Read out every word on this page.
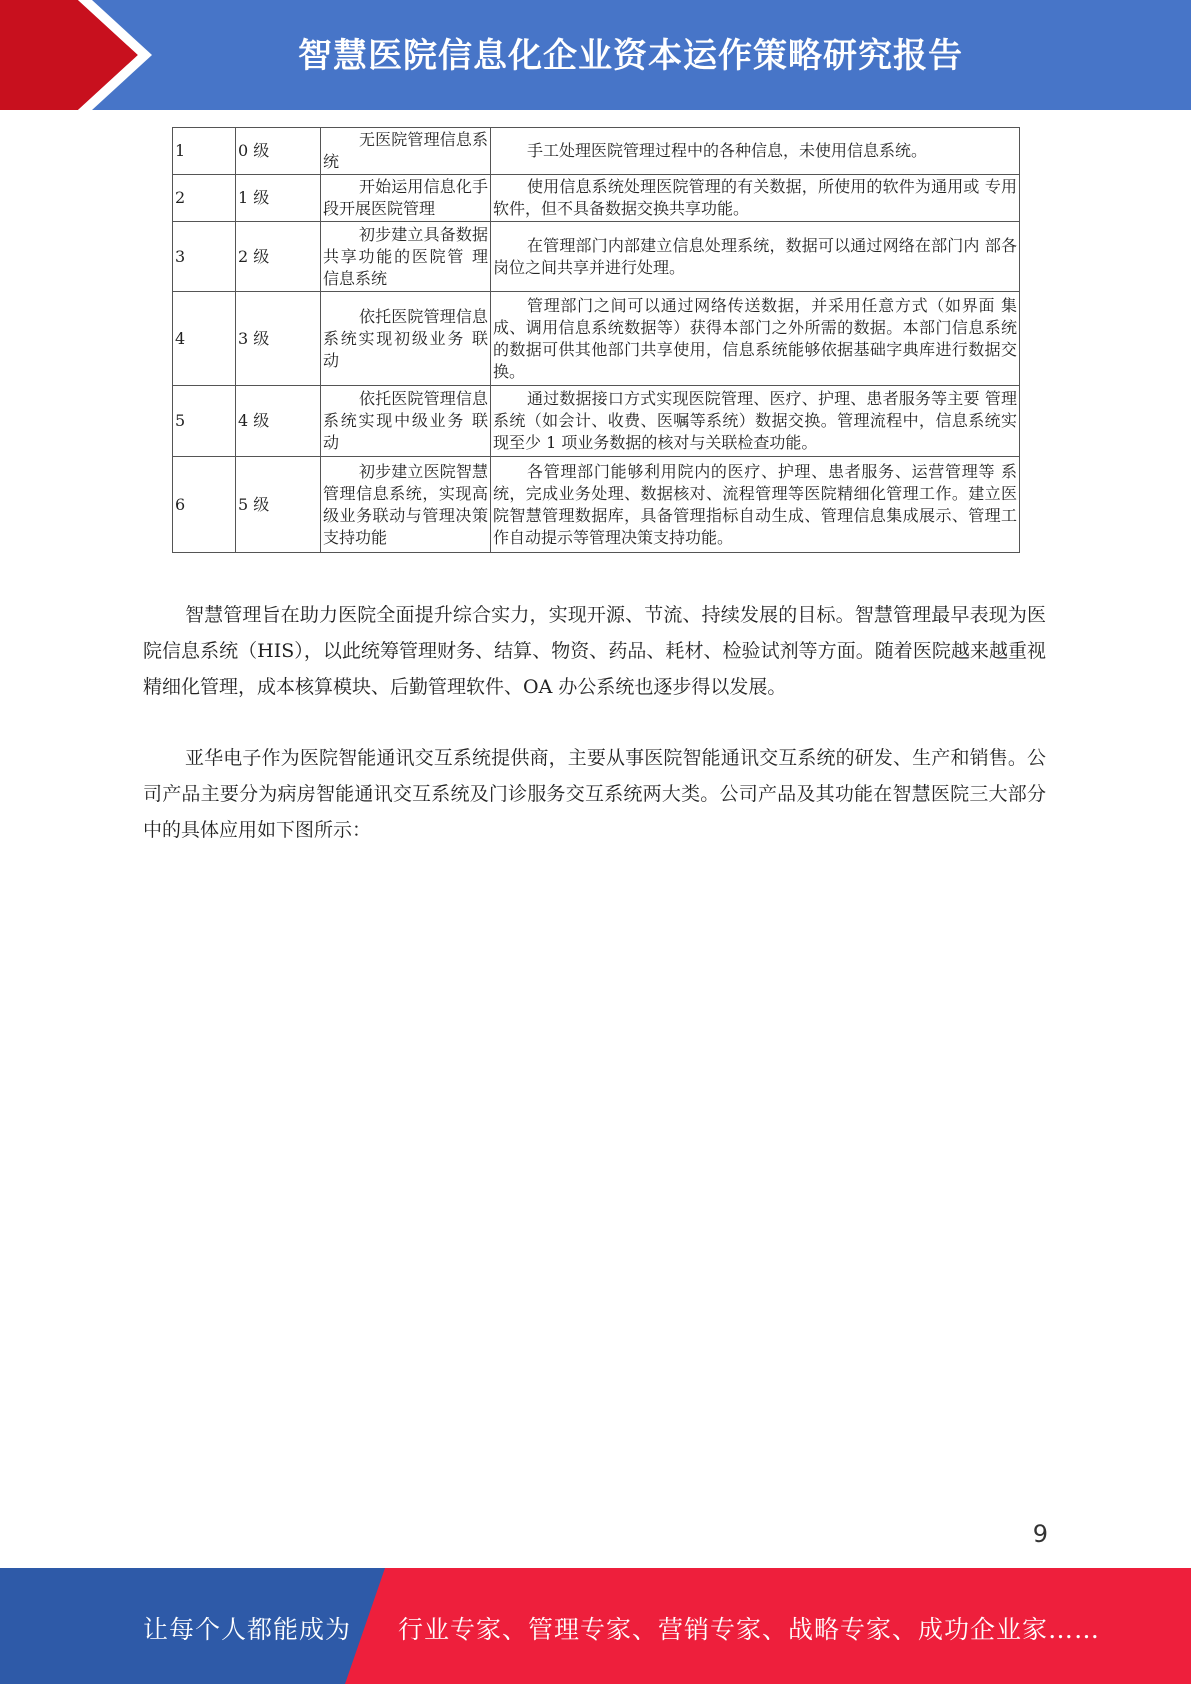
智慧医院信息化企业资本运作策略研究报告
1	0 级	无医院管理信息系 统	手工处理医院管理过程中的各种信息，未使用信息系统。
2	1 级	开始运用信息化手 段开展医院管理	使用信息系统处理医院管理的有关数据，所使用的软件为通用或 专用软件，但不具备数据交换共享功能。
3	2 级	初步建立具备数据 共享功能的医院管 理信息系统	在管理部门内部建立信息处理系统，数据可以通过网络在部门内 部各岗位之间共享并进行处理。
4	3 级	依托医院管理信息 系统实现初级业务 联动	管理部门之间可以通过网络传送数据，并采用任意方式（如界面 集成、调用信息系统数据等）获得本部门之外所需的数据。本部门信息系统的数据可供其他部门共享使用，信息系统能够依据基础字典库进行数据交换。
5	4 级	依托医院管理信息 系统实现中级业务 联动	通过数据接口方式实现医院管理、医疗、护理、患者服务等主要 管理系统（如会计、收费、医嘱等系统）数据交换。管理流程中，信息系统实现至少 1 项业务数据的核对与关联检查功能。
6	5 级	初步建立医院智慧 管理信息系统，实现高级业务联动与管理决策支持功能	各管理部门能够利用院内的医疗、护理、患者服务、运营管理等 系统，完成业务处理、数据核对、流程管理等医院精细化管理工作。建立医院智慧管理数据库，具备管理指标自动生成、管理信息集成展示、管理工作自动提示等管理决策支持功能。

智慧管理旨在助力医院全面提升综合实力，实现开源、节流、持续发展的目标。智慧管理最早表现为医院信息系统（HIS），以此统筹管理财务、结算、物资、药品、耗材、检验试剂等方面。随着医院越来越重视精细化管理，成本核算模块、后勤管理软件、OA 办公系统也逐步得以发展。

亚华电子作为医院智能通讯交互系统提供商，主要从事医院智能通讯交互系统的研发、生产和销售。公司产品主要分为病房智能通讯交互系统及门诊服务交互系统两大类。公司产品及其功能在智慧医院三大部分中的具体应用如下图所示：

9
让每个人都能成为 行业专家、管理专家、营销专家、战略专家、成功企业家……
